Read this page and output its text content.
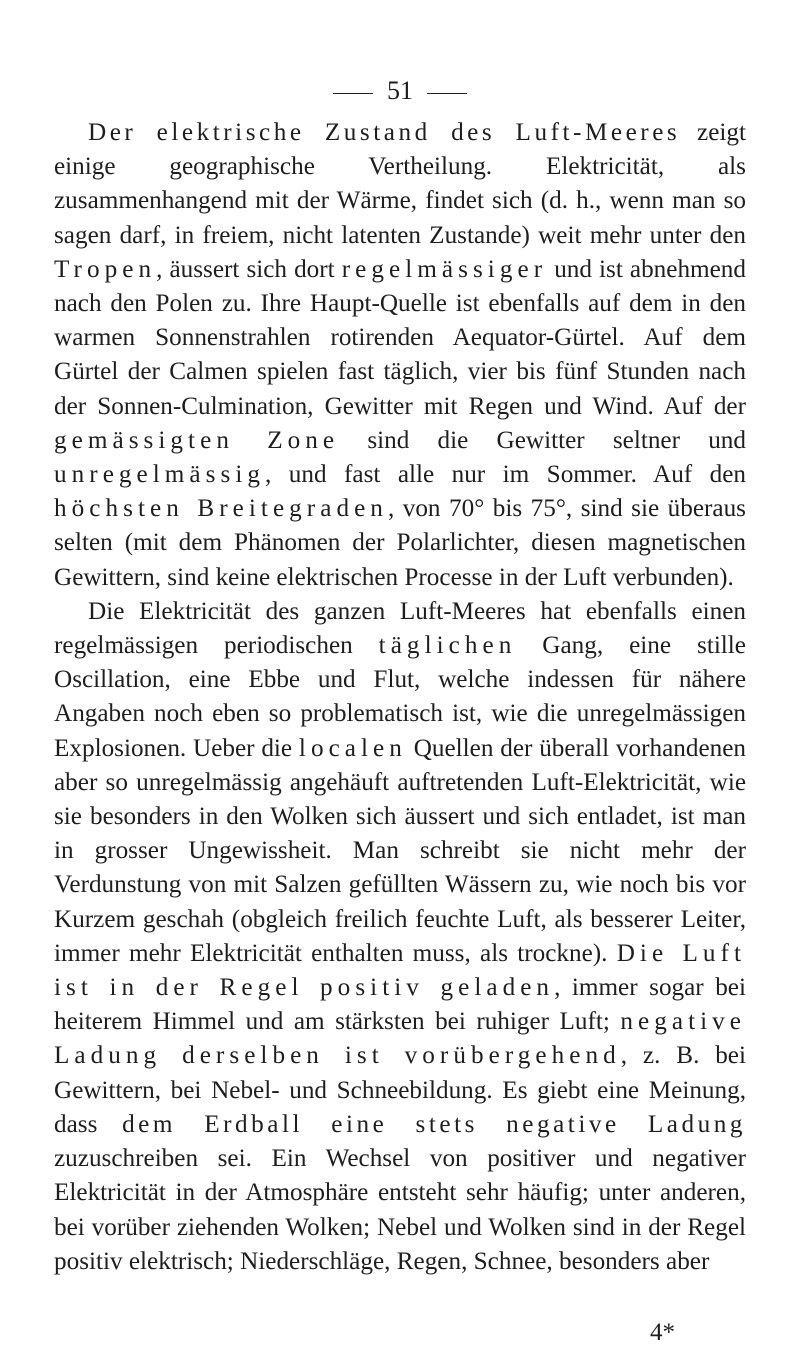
51

Der elektrische Zustand des Luft-Meeres zeigt einige geographische Vertheilung. Elektricität, als zusammenhangend mit der Wärme, findet sich (d. h., wenn man so sagen darf, in freiem, nicht latenten Zustande) weit mehr unter den Tropen, äussert sich dort regelmässiger und ist abnehmend nach den Polen zu. Ihre Haupt-Quelle ist ebenfalls auf dem in den warmen Sonnenstrahlen rotirenden Aequator-Gürtel. Auf dem Gürtel der Calmen spielen fast täglich, vier bis fünf Stunden nach der Sonnen-Culmination, Gewitter mit Regen und Wind. Auf der gemässigten Zone sind die Gewitter seltner und unregelmässig, und fast alle nur im Sommer. Auf den höchsten Breitegraden, von 70° bis 75°, sind sie überaus selten (mit dem Phänomen der Polarlichter, diesen magnetischen Gewittern, sind keine elektrischen Processe in der Luft verbunden).

Die Elektricität des ganzen Luft-Meeres hat ebenfalls einen regelmässigen periodischen täglichen Gang, eine stille Oscillation, eine Ebbe und Flut, welche indessen für nähere Angaben noch eben so problematisch ist, wie die unregelmässigen Explosionen. Ueber die localen Quellen der überall vorhandenen aber so unregelmässig angehäuft auftretenden Luft-Elektricität, wie sie besonders in den Wolken sich äussert und sich entladet, ist man in grosser Ungewissheit. Man schreibt sie nicht mehr der Verdunstung von mit Salzen gefüllten Wässern zu, wie noch bis vor Kurzem geschah (obgleich freilich feuchte Luft, als besserer Leiter, immer mehr Elektricität enthalten muss, als trockne). Die Luft ist in der Regel positiv geladen, immer sogar bei heiterem Himmel und am stärksten bei ruhiger Luft; negative Ladung derselben ist vorübergehend, z. B. bei Gewittern, bei Nebel- und Schneebildung. Es giebt eine Meinung, dass dem Erdball eine stets negative Ladung zuzuschreiben sei. Ein Wechsel von positiver und negativer Elektricität in der Atmosphäre entsteht sehr häufig; unter anderen, bei vorüber ziehenden Wolken; Nebel und Wolken sind in der Regel positiv elektrisch; Niederschläge, Regen, Schnee, besonders aber

4*
